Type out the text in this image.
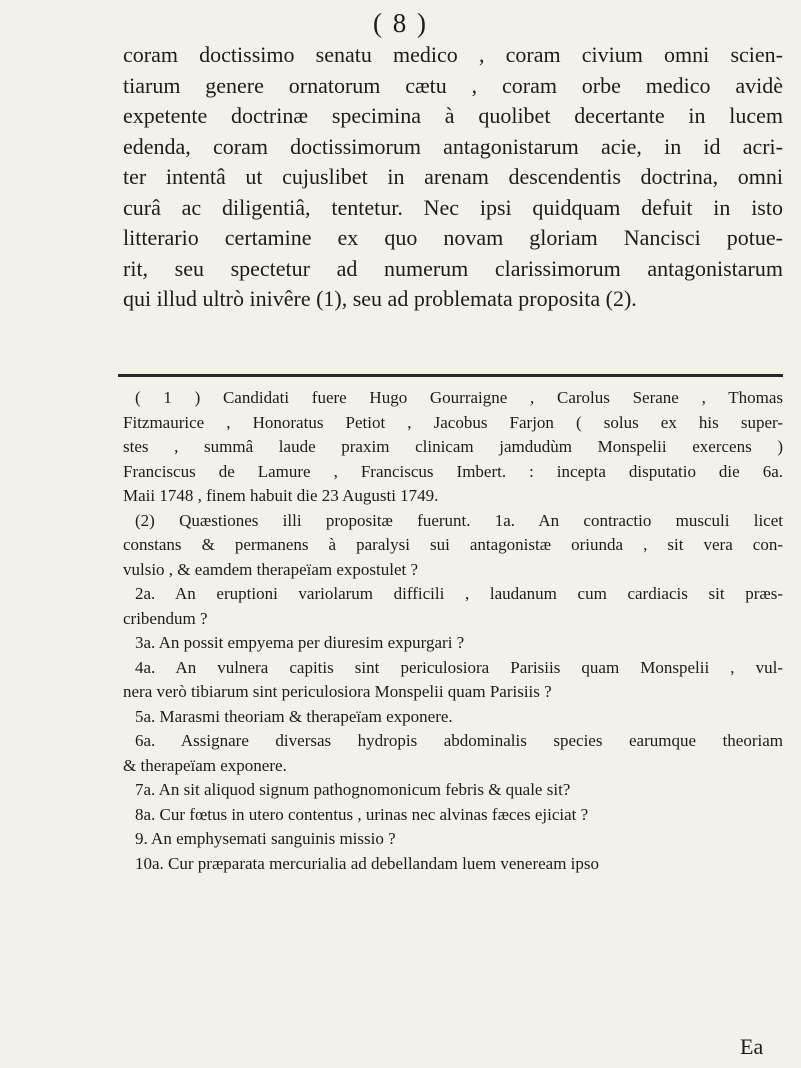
( 8 )
coram doctissimo senatu medico , coram civium omni scien-
tiarum genere ornatorum cætu , coram orbe medico avidè
expetente doctrinæ specimina à quolibet decertante in lucem
edenda, coram doctissimorum antagonistarum acie, in id acri-
ter intentâ ut cujuslibet in arenam descendentis doctrina, omni
curâ ac diligentiâ, tentetur. Nec ipsi quidquam defuit in isto
litterario certamine ex quo novam gloriam Nancisci potue-
rit, seu spectetur ad numerum clarissimorum antagonistarum
qui illud ultrò inivêre (1), seu ad problemata proposita (2).
( 1 ) Candidati fuere Hugo Gourraigne , Carolus Serane , Thomas
Fitzmaurice , Honoratus Petiot , Jacobus Farjon ( solus ex his super-
stes , summâ laude praxim clinicam jamdudùm Monspelii exercens )
Franciscus de Lamure , Franciscus Imbert. : incepta disputatio die 6a.
Maii 1748 , finem habuit die 23 Augusti 1749.
(2) Quæstiones illi propositæ fuerunt. 1a. An contractio musculi licet
constans & permanens à paralysi sui antagonistæ oriunda , sit vera con-
vulsio , & eamdem therapeïam expostulet ?
2a. An eruptioni variolarum difficili , laudanum cum cardiacis sit præs-
cribendum ?
3a. An possit empyema per diuresim expurgari ?
4a. An vulnera capitis sint periculosiora Parisiis quam Monspelii , vul-
nera verò tibiarum sint periculosiora Monspelii quam Parisiis ?
5a. Marasmi theoriam & therapeïam exponere.
6a. Assignare diversas hydropis abdominalis species earumque theoriam
& therapeïam exponere.
7a. An sit aliquod signum pathognomonicum febris & quale sit?
8a. Cur fœtus in utero contentus , urinas nec alvinas fæces ejiciat ?
9. An emphysemati sanguinis missio ?
10a. Cur præparata mercurialia ad debellandam luem veneream ipso
Ea
